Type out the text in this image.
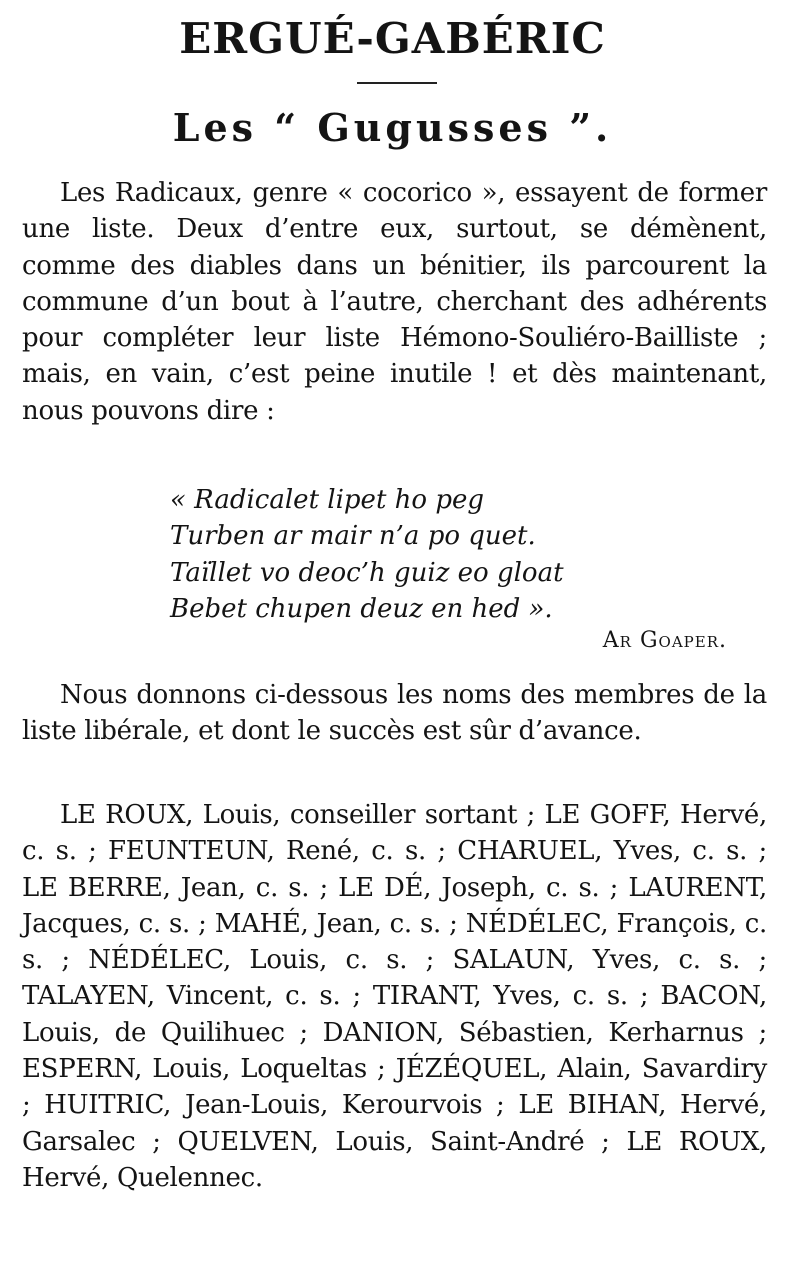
ERGUÉ-GABÉRIC
Les “ Gugusses ”.
Les Radicaux, genre « cocorico », essayent de former une liste. Deux d’entre eux, surtout, se démènent, comme des diables dans un bénitier, ils parcourent la commune d’un bout à l’autre, cherchant des adhérents pour compléter leur liste Hémono-Souliéro-Bailliste ; mais, en vain, c’est peine inutile ! et dès maintenant, nous pouvons dire :
« Radicalet lipet ho peg
Turben ar mair n’a po quet.
Taïllet vo deoc’h guiz eo gloat
Bebet chupen deuz en hed ».
Ar Goaper.
Nous donnons ci-dessous les noms des membres de la liste libérale, et dont le succès est sûr d’avance.
LE ROUX, Louis, conseiller sortant ; LE GOFF, Hervé, c. s. ; FEUNTEUN, René, c. s. ; CHARUEL, Yves, c. s. ; LE BERRE, Jean, c. s. ; LE DÉ, Joseph, c. s. ; LAURENT, Jacques, c. s. ; MAHÉ, Jean, c. s. ; NÉDÉLEC, François, c. s. ; NÉDÉLEC, Louis, c. s. ; SALAUN, Yves, c. s. ; TALAYEN, Vincent, c. s. ; TIRANT, Yves, c. s. ; BACON, Louis, de Quilihuec ; DANION, Sébastien, Kerharnus ; ESPERN, Louis, Loqueltas ; JÉZÉQUEL, Alain, Savardiry ; HUITRIC, Jean-Louis, Kerourvois ; LE BIHAN, Hervé, Garsalec ; QUELVEN, Louis, Saint-André ; LE ROUX, Hervé, Quelennec.
